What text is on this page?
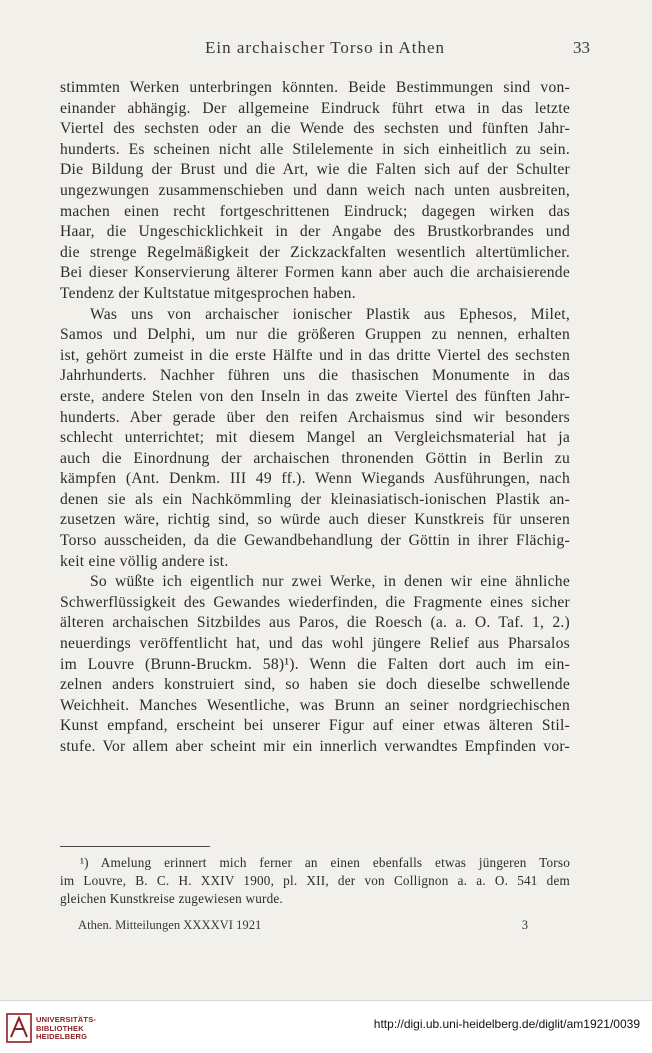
Ein archaischer Torso in Athen	33
stimmten Werken unterbringen könnten. Beide Bestimmungen sind von-
einander abhängig. Der allgemeine Eindruck führt etwa in das letzte
Viertel des sechsten oder an die Wende des sechsten und fünften Jahr-
hunderts. Es scheinen nicht alle Stilelemente in sich einheitlich zu sein.
Die Bildung der Brust und die Art, wie die Falten sich auf der Schulter
ungezwungen zusammenschieben und dann weich nach unten ausbreiten,
machen einen recht fortgeschrittenen Eindruck; dagegen wirken das
Haar, die Ungeschicklichkeit in der Angabe des Brustkorbrandes und
die strenge Regelmäßigkeit der Zickzackfalten wesentlich altertümlicher.
Bei dieser Konservierung älterer Formen kann aber auch die archaisierende
Tendenz der Kultstatue mitgesprochen haben.
Was uns von archaischer ionischer Plastik aus Ephesos, Milet,
Samos und Delphi, um nur die größeren Gruppen zu nennen, erhalten
ist, gehört zumeist in die erste Hälfte und in das dritte Viertel des sechsten
Jahrhunderts. Nachher führen uns die thasischen Monumente in das
erste, andere Stelen von den Inseln in das zweite Viertel des fünften Jahr-
hunderts. Aber gerade über den reifen Archaismus sind wir besonders
schlecht unterrichtet; mit diesem Mangel an Vergleichsmaterial hat ja
auch die Einordnung der archaischen thronenden Göttin in Berlin zu
kämpfen (Ant. Denkm. III 49 ff.). Wenn Wiegands Ausführungen, nach
denen sie als ein Nachkömmling der kleinasiatisch-ionischen Plastik an-
zusetzen wäre, richtig sind, so würde auch dieser Kunstkreis für unseren
Torso ausscheiden, da die Gewandbehandlung der Göttin in ihrer Flächig-
keit eine völlig andere ist.
So wüßte ich eigentlich nur zwei Werke, in denen wir eine ähnliche
Schwerflüssigkeit des Gewandes wiederfinden, die Fragmente eines sicher
älteren archaischen Sitzbildes aus Paros, die Roesch (a. a. O. Taf. 1, 2.)
neuerdings veröffentlicht hat, und das wohl jüngere Relief aus Pharsalos
im Louvre (Brunn-Bruckm. 58)¹). Wenn die Falten dort auch im ein-
zelnen anders konstruiert sind, so haben sie doch dieselbe schwellende
Weichheit. Manches Wesentliche, was Brunn an seiner nordgriechischen
Kunst empfand, erscheint bei unserer Figur auf einer etwas älteren Stil-
stufe. Vor allem aber scheint mir ein innerlich verwandtes Empfinden vor-
¹) Amelung erinnert mich ferner an einen ebenfalls etwas jüngeren Torso
im Louvre, B. C. H. XXIV 1900, pl. XII, der von Collignon a. a. O. 541 dem
gleichen Kunstkreise zugewiesen wurde.
Athen. Mitteilungen XXXXVI 1921	3
UNIVERSITÄTS-
BIBLIOTHEK
HEIDELBERG
http://digi.ub.uni-heidelberg.de/diglit/am1921/0039
